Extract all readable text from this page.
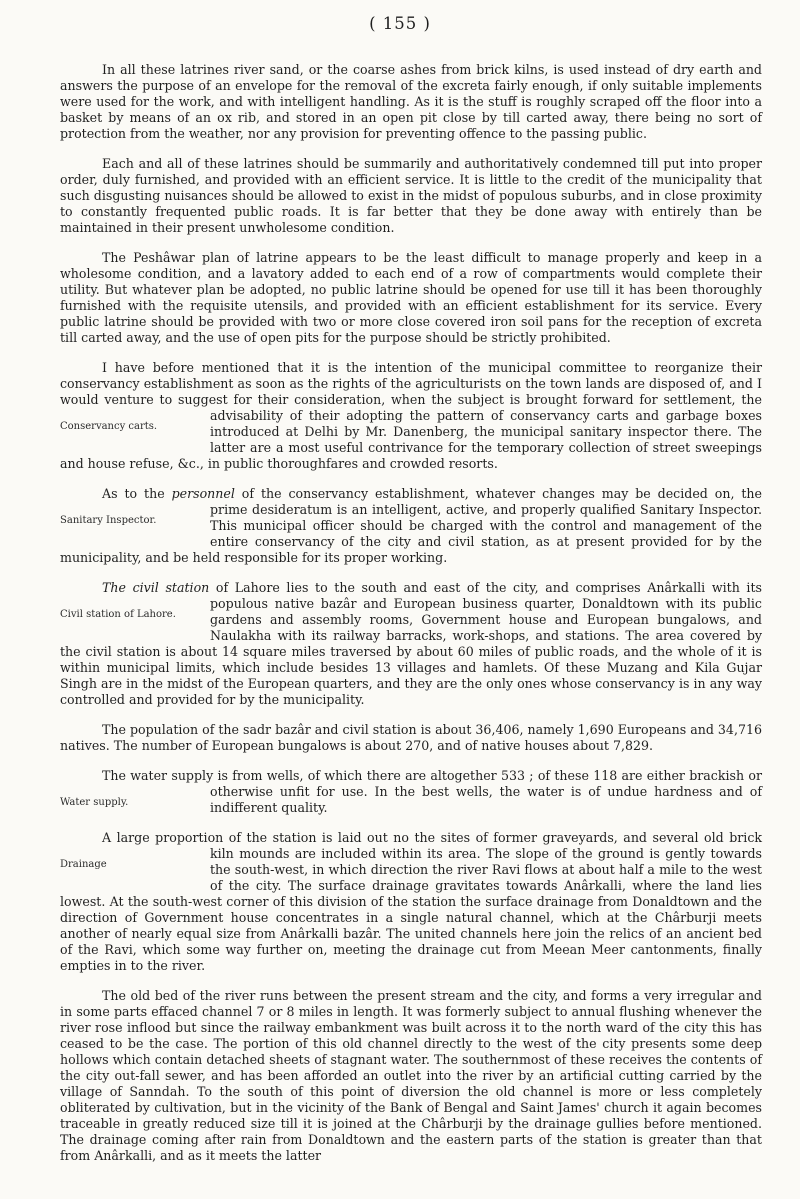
( 155 )

In all these latrines river sand, or the coarse ashes from brick kilns, is used instead of dry earth and answers the purpose of an envelope for the removal of the excreta fairly enough, if only suitable implements were used for the work, and with intelligent handling. As it is the stuff is roughly scraped off the floor into a basket by means of an ox rib, and stored in an open pit close by till carted away, there being no sort of protection from the weather, nor any provision for preventing offence to the passing public.

Each and all of these latrines should be summarily and authoritatively condemned till put into proper order, duly furnished, and provided with an efficient service. It is little to the credit of the municipality that such disgusting nuisances should be allowed to exist in the midst of populous suburbs, and in close proximity to constantly frequented public roads. It is far better that they be done away with entirely than be maintained in their present unwholesome condition.

The Peshâwar plan of latrine appears to be the least difficult to manage properly and keep in a wholesome condition, and a lavatory added to each end of a row of compartments would complete their utility. But whatever plan be adopted, no public latrine should be opened for use till it has been thoroughly furnished with the requisite utensils, and provided with an efficient establishment for its service. Every public latrine should be provided with two or more close covered iron soil pans for the reception of excreta till carted away, and the use of open pits for the purpose should be strictly prohibited.

I have before mentioned that it is the intention of the municipal committee to reorganize their conservancy establishment as soon as the rights of the agriculturists on the town lands are disposed of, and I would venture to suggest for their consideration, when the subject is brought forward for
Conservancy carts.
settlement, the advisability of their adopting the pattern of conservancy carts and garbage boxes introduced at Delhi by Mr. Danenberg, the municipal sanitary inspector there. The latter are a most useful contrivance for the temporary collection of street sweepings and house refuse, &c., in public thoroughfares and crowded resorts.

As to the personnel of the conservancy establishment, whatever changes may be decided on, the
Sanitary Inspector.
prime desideratum is an intelligent, active, and properly qualified Sanitary Inspector. This municipal officer should be charged with the control and management of the entire conservancy of the city and civil station, as at present provided for by the municipality, and be held responsible for its proper working.

The civil station of Lahore lies to the south and east of the city, and comprises Anârkalli with its
Civil station of Lahore.
populous native bazâr and European business quarter, Donaldtown with its public gardens and assembly rooms, Government house and European bungalows, and Naulakha with its railway barracks, work-shops, and stations. The area covered by the civil station is about 14 square miles traversed by about 60 miles of public roads, and the whole of it is within municipal limits, which include besides 13 villages and hamlets. Of these Muzang and Kila Gujar Singh are in the midst of the European quarters, and they are the only ones whose conservancy is in any way controlled and provided for by the municipality.

The population of the sadr bazâr and civil station is about 36,406, namely 1,690 Europeans and 34,716 natives. The number of European bungalows is about 270, and of native houses about 7,829.

The water supply is from wells, of which there are altogether 533 ; of these 118 are either brackish
Water supply.
or otherwise unfit for use. In the best wells, the water is of undue hardness and of indifferent quality.

A large proportion of the station is laid out no the sites of former graveyards, and several old
Drainage
brick kiln mounds are included within its area. The slope of the ground is gently towards the south-west, in which direction the river Ravi flows at about half a mile to the west of the city. The surface drainage gravitates towards Anârkalli, where the land lies lowest. At the south-west corner of this division of the station the surface drainage from Donaldtown and the direction of Government house concentrates in a single natural channel, which at the Chârburji meets another of nearly equal size from Anârkalli bazâr. The united channels here join the relics of an ancient bed of the Ravi, which some way further on, meeting the drainage cut from Meean Meer cantonments, finally empties in to the river.

The old bed of the river runs between the present stream and the city, and forms a very irregular and in some parts effaced channel 7 or 8 miles in length. It was formerly subject to annual flushing whenever the river rose inflood but since the railway embankment was built across it to the north ward of the city this has ceased to be the case. The portion of this old channel directly to the west of the city presents some deep hollows which contain detached sheets of stagnant water. The southernmost of these receives the contents of the city out-fall sewer, and has been afforded an outlet into the river by an artificial cutting carried by the village of Sanndah. To the south of this point of diversion the old channel is more or less completely obliterated by cultivation, but in the vicinity of the Bank of Bengal and Saint James' church it again becomes traceable in greatly reduced size till it is joined at the Chârburji by the drainage gullies before mentioned. The drainage coming after rain from Donaldtown and the eastern parts of the station is greater than that from Anârkalli, and as it meets the latter
